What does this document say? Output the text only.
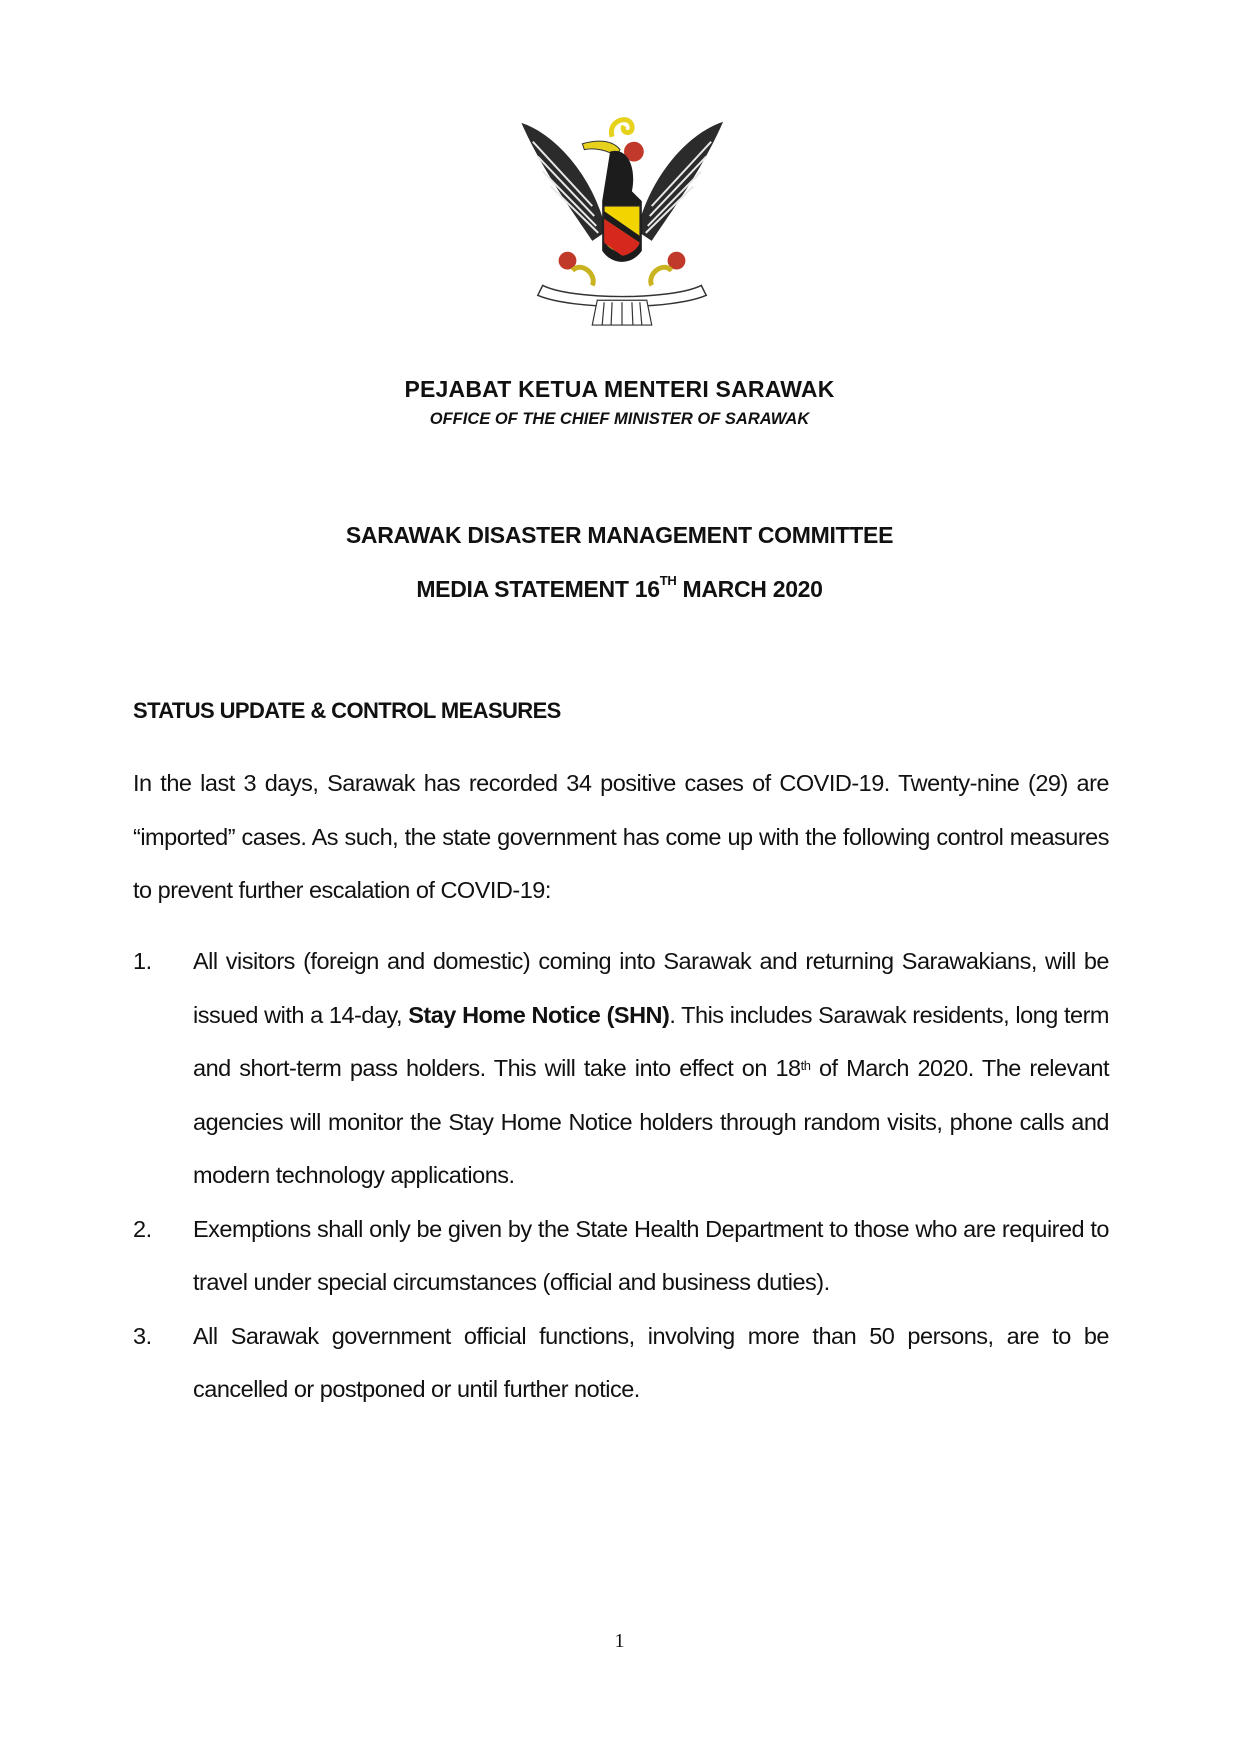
PEJABAT KETUA MENTERI SARAWAK
OFFICE OF THE CHIEF MINISTER OF SARAWAK
SARAWAK DISASTER MANAGEMENT COMMITTEE
MEDIA STATEMENT 16TH MARCH 2020
STATUS UPDATE & CONTROL MEASURES
In the last 3 days, Sarawak has recorded 34 positive cases of COVID-19. Twenty-nine (29) are “imported” cases. As such, the state government has come up with the following control measures to prevent further escalation of COVID-19:
1.	All visitors (foreign and domestic) coming into Sarawak and returning Sarawakians, will be issued with a 14-day, Stay Home Notice (SHN). This includes Sarawak residents, long term and short-term pass holders. This will take into effect on 18th of March 2020. The relevant agencies will monitor the Stay Home Notice holders through random visits, phone calls and modern technology applications.
2.	Exemptions shall only be given by the State Health Department to those who are required to travel under special circumstances (official and business duties).
3.	All Sarawak government official functions, involving more than 50 persons, are to be cancelled or postponed or until further notice.
1
